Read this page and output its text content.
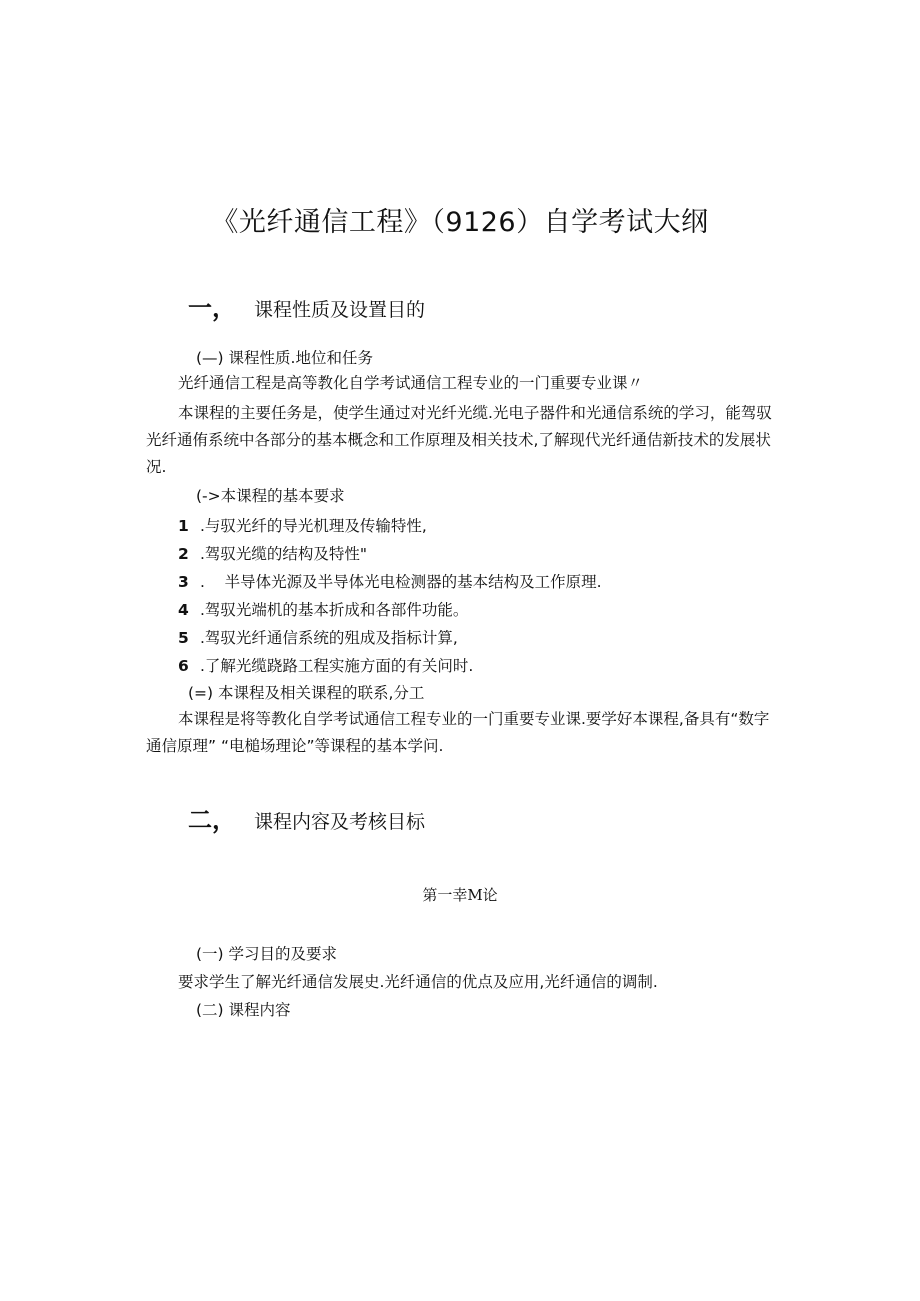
《光纤通信工程》（9126）自学考试大纲
一， 课程性质及设置目的
(—) 课程性质.地位和任务
光纤通信工程是高等教化自学考试通信工程专业的一门重要专业课〃
本课程的主要任务是，使学生通过对光纤光缆.光电子器件和光通信系统的学习，能驾驭光纤通侑系统中各部分的基本概念和工作原理及相关技术,了解现代光纤通佶新技术的发展状况.
(->本课程的基本要求
1 .与驭光纤的导光机理及传输特性,
2 .驾驭光缆的结构及特性"
3 .    半导体光源及半导体光电检测器的基本结构及工作原理.
4 .驾驭光端机的基本折成和各部件功能。
5 .驾驭光纤通信系统的殂成及指标计算,
6 .了解光缆跷路工程实施方面的有关问时.
(=) 本课程及相关课程的联系,分工
本课程是将等教化自学考试通信工程专业的一门重要专业课.要学好本课程,备具有“数字通信原理” “电槌场理论”等课程的基本学问.
二， 课程内容及考核目标
第一幸M论
(一) 学习目的及要求
要求学生了解光纤通信发展史.光纤通信的优点及应用,光纤通信的调制.
(二) 课程内容
